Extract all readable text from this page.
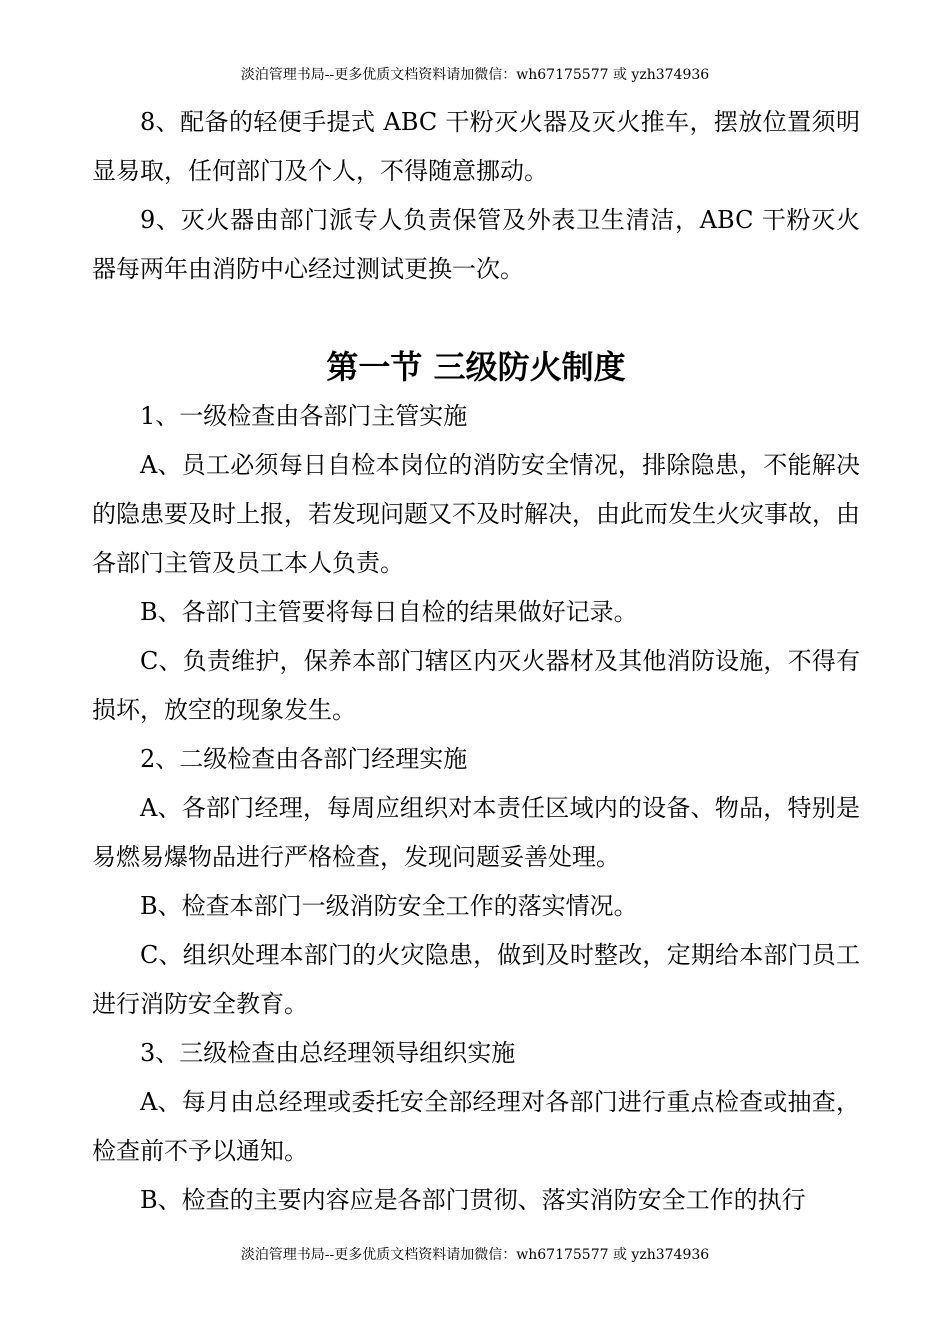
淡泊管理书局--更多优质文档资料请加微信：wh67175577 或 yzh374936

8、配备的轻便手提式 ABC 干粉灭火器及灭火推车，摆放位置须明显易取，任何部门及个人，不得随意挪动。

9、灭火器由部门派专人负责保管及外表卫生清洁，ABC 干粉灭火器每两年由消防中心经过测试更换一次。

第一节 三级防火制度

1、一级检查由各部门主管实施

A、员工必须每日自检本岗位的消防安全情况，排除隐患，不能解决的隐患要及时上报，若发现问题又不及时解决，由此而发生火灾事故，由各部门主管及员工本人负责。

B、各部门主管要将每日自检的结果做好记录。

C、负责维护，保养本部门辖区内灭火器材及其他消防设施，不得有损坏，放空的现象发生。

2、二级检查由各部门经理实施

A、各部门经理，每周应组织对本责任区域内的设备、物品，特别是易燃易爆物品进行严格检查，发现问题妥善处理。

B、检查本部门一级消防安全工作的落实情况。

C、组织处理本部门的火灾隐患，做到及时整改，定期给本部门员工进行消防安全教育。

3、三级检查由总经理领导组织实施

A、每月由总经理或委托安全部经理对各部门进行重点检查或抽查，检查前不予以通知。

B、检查的主要内容应是各部门贯彻、落实消防安全工作的执行

淡泊管理书局--更多优质文档资料请加微信：wh67175577 或 yzh374936
